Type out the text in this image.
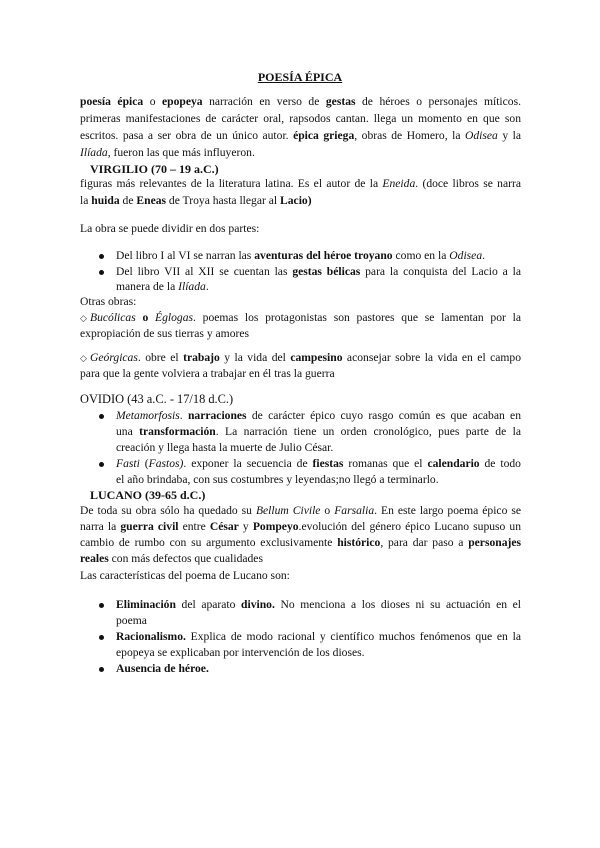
POESÍA ÉPICA
poesía épica o epopeya narración en verso de gestas de héroes o personajes míticos.
primeras manifestaciones de carácter oral, rapsodos cantan. llega un momento en que son
escritos. pasa a ser obra de un único autor. épica griega, obras de Homero, la Odisea y la
Ilíada, fueron las que más influyeron.
VIRGILIO (70 – 19 a.C.)
figuras más relevantes de la literatura latina. Es el autor de la Eneida. (doce libros se narra
la huida de Eneas de Troya hasta llegar al Lacio)
La obra se puede dividir en dos partes:
Del libro I al VI se narran las aventuras del héroe troyano como en la Odisea.
Del libro VII al XII se cuentan las gestas bélicas para la conquista del Lacio a la
manera de la Ilíada.
Otras obras:
◇ Bucólicas o Églogas. poemas los protagonistas son pastores que se lamentan por la
expropiación de sus tierras y amores
◇ Geórgicas. obre el trabajo y la vida del campesino aconsejar sobre la vida en el campo
para que la gente volviera a trabajar en él tras la guerra
OVIDIO (43 a.C. - 17/18 d.C.)
Metamorfosis. narraciones de carácter épico cuyo rasgo común es que acaban en
una transformación. La narración tiene un orden cronológico, pues parte de la
creación y llega hasta la muerte de Julio César.
Fasti (Fastos). exponer la secuencia de fiestas romanas que el calendario de todo
el año brindaba, con sus costumbres y leyendas;no llegó a terminarlo.
LUCANO (39-65 d.C.)
De toda su obra sólo ha quedado su Bellum Civile o Farsalia. En este largo poema épico se
narra la guerra civil entre César y Pompeyo.evolución del género épico Lucano supuso un
cambio de rumbo con su argumento exclusivamente histórico, para dar paso a personajes
reales con más defectos que cualidades
Las características del poema de Lucano son:
Eliminación del aparato divino. No menciona a los dioses ni su actuación en el
poema
Racionalismo. Explica de modo racional y científico muchos fenómenos que en la
epopeya se explicaban por intervención de los dioses.
Ausencia de héroe.
